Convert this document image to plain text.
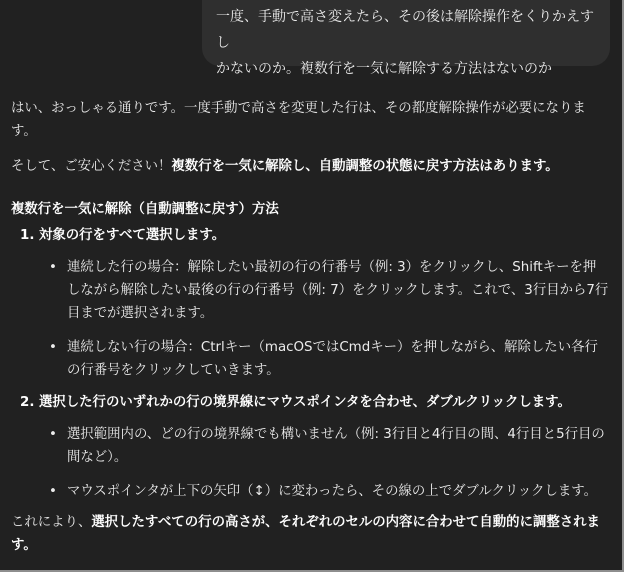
一度、手動で高さ変えたら、その後は解除操作をくりかえすし
かないのか。複数行を一気に解除する方法はないのか
はい、おっしゃる通りです。一度手動で高さを変更した行は、その都度解除操作が必要になりま
す。
そして、ご安心ください！複数行を一気に解除し、自動調整の状態に戻す方法はあります。
複数行を一気に解除（自動調整に戻す）方法
1. 対象の行をすべて選択します。
• 連続した行の場合：解除したい最初の行の行番号（例: 3）をクリックし、Shiftキーを押
しながら解除したい最後の行の行番号（例: 7）をクリックします。これで、3行目から7行
目までが選択されます。
• 連続しない行の場合：Ctrlキー（macOSではCmdキー）を押しながら、解除したい各行
の行番号をクリックしていきます。
2. 選択した行のいずれかの行の境界線にマウスポインタを合わせ、ダブルクリックします。
• 選択範囲内の、どの行の境界線でも構いません（例: 3行目と4行目の間、4行目と5行目の
間など）。
• マウスポインタが上下の矢印（↕）に変わったら、その線の上でダブルクリックします。
これにより、選択したすべての行の高さが、それぞれのセルの内容に合わせて自動的に調整されま
す。
